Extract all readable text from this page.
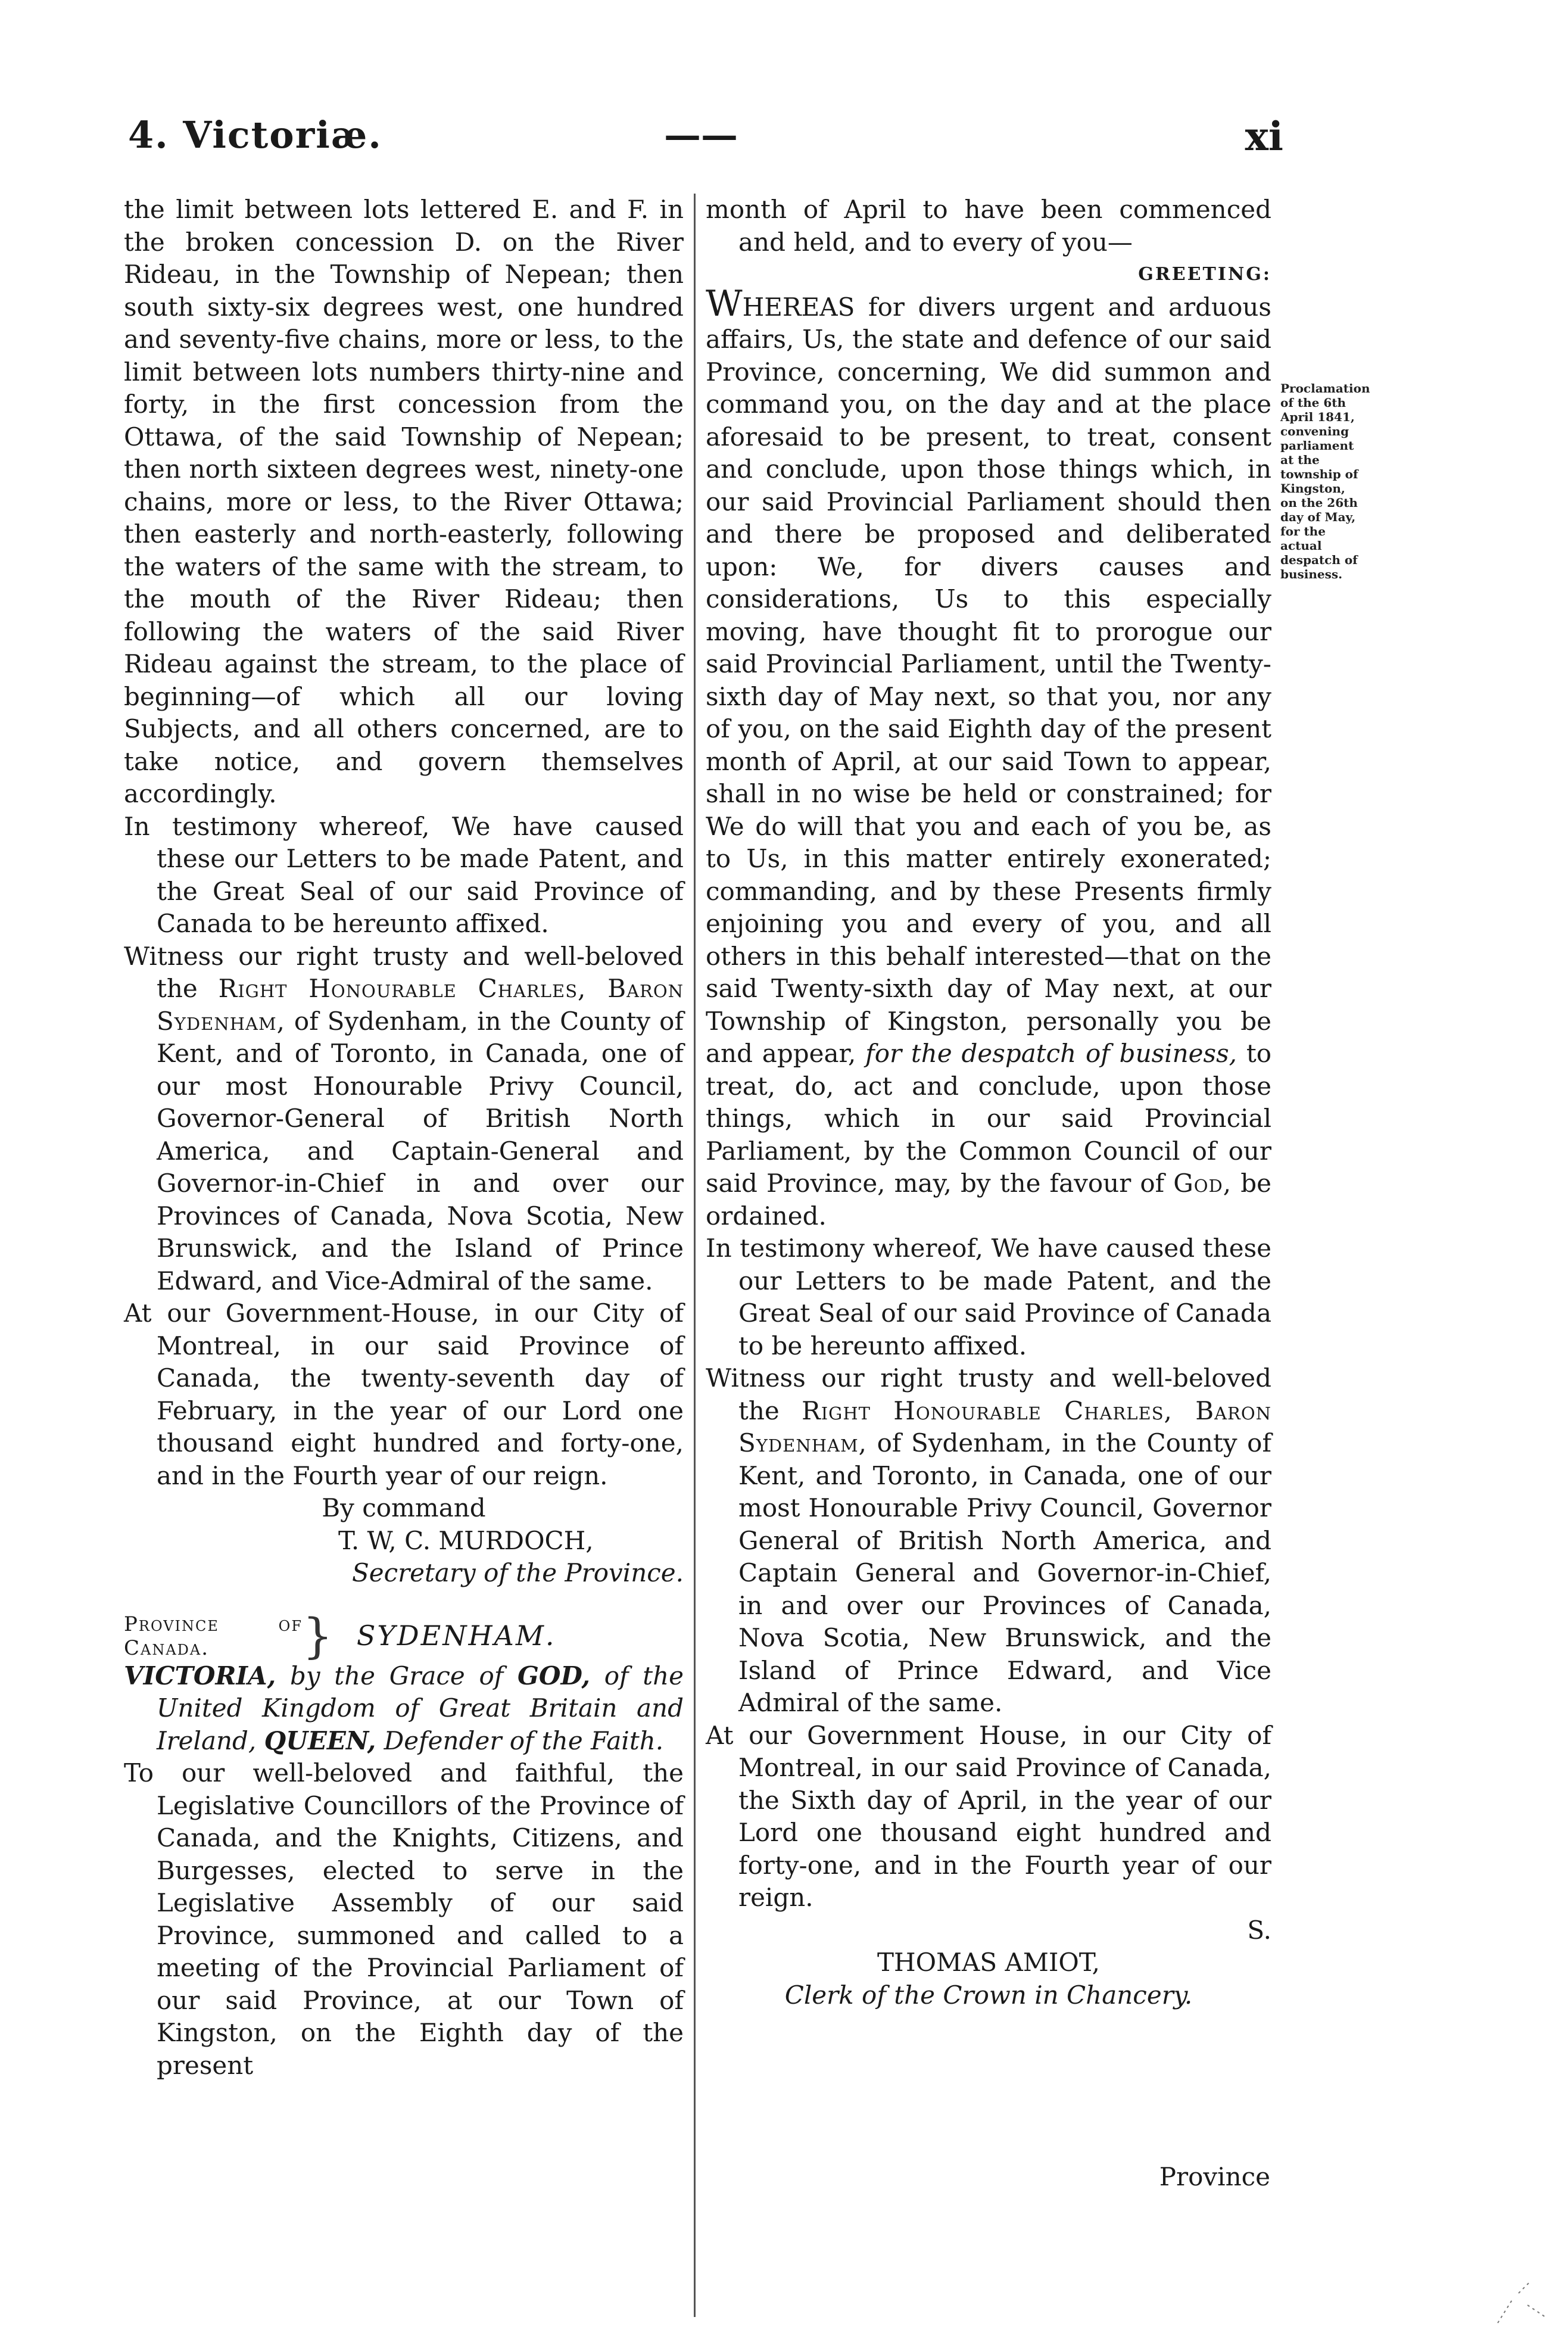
4. Victoriæ.	——	xi

the limit between lots lettered E. and F. in the broken concession D. on the River Rideau, in the Township of Nepean; then south sixty-six degrees west, one hundred and seventy-five chains, more or less, to the limit between lots numbers thirty-nine and forty, in the first concession from the Ottawa, of the said Township of Nepean; then north sixteen degrees west, ninety-one chains, more or less, to the River Ottawa; then easterly and north-easterly, following the waters of the same with the stream, to the mouth of the River Rideau; then following the waters of the said River Rideau against the stream, to the place of beginning—of which all our loving Subjects, and all others concerned, are to take notice, and govern themselves accordingly.

In testimony whereof, We have caused these our Letters to be made Patent, and the Great Seal of our said Province of Canada to be hereunto affixed.

Witness our right trusty and well-beloved the Right Honourable Charles, Baron Sydenham, of Sydenham, in the County of Kent, and of Toronto, in Canada, one of our most Honourable Privy Council, Governor-General of British North America, and Captain-General and Governor-in-Chief in and over our Provinces of Canada, Nova Scotia, New Brunswick, and the Island of Prince Edward, and Vice-Admiral of the same.

At our Government-House, in our City of Montreal, in our said Province of Canada, the twenty-seventh day of February, in the year of our Lord one thousand eight hundred and forty-one, and in the Fourth year of our reign.

By command

T. W, C. MURDOCH,

Secretary of the Province.

Province of Canada.	} SYDENHAM.

VICTORIA, by the Grace of GOD, of the United Kingdom of Great Britain and Ireland, QUEEN, Defender of the Faith.

To our well-beloved and faithful, the Legislative Councillors of the Province of Canada, and the Knights, Citizens, and Burgesses, elected to serve in the Legislative Assembly of our said Province, summoned and called to a meeting of the Provincial Parliament of our said Province, at our Town of Kingston, on the Eighth day of the present

month of April to have been commenced and held, and to every of you—

GREETING:

WHEREAS for divers urgent and arduous affairs, Us, the state and defence of our said Province, concerning, We did summon and command you, on the day and at the place aforesaid to be present, to treat, consent and conclude, upon those things which, in our said Provincial Parliament should then and there be proposed and deliberated upon: We, for divers causes and considerations, Us to this especially moving, have thought fit to prorogue our said Provincial Parliament, until the Twenty-sixth day of May next, so that you, nor any of you, on the said Eighth day of the present month of April, at our said Town to appear, shall in no wise be held or constrained; for We do will that you and each of you be, as to Us, in this matter entirely exonerated; commanding, and by these Presents firmly enjoining you and every of you, and all others in this behalf interested—that on the said Twenty-sixth day of May next, at our Township of Kingston, personally you be and appear, for the despatch of business, to treat, do, act and conclude, upon those things, which in our said Provincial Parliament, by the Common Council of our said Province, may, by the favour of God, be ordained.

In testimony whereof, We have caused these our Letters to be made Patent, and the Great Seal of our said Province of Canada to be hereunto affixed.

Witness our right trusty and well-beloved the Right Honourable Charles, Baron Sydenham, of Sydenham, in the County of Kent, and Toronto, in Canada, one of our most Honourable Privy Council, Governor General of British North America, and Captain General and Governor-in-Chief, in and over our Provinces of Canada, Nova Scotia, New Brunswick, and the Island of Prince Edward, and Vice Admiral of the same.

At our Government House, in our City of Montreal, in our said Province of Canada, the Sixth day of April, in the year of our Lord one thousand eight hundred and forty-one, and in the Fourth year of our reign.

S.

THOMAS AMIOT,

Clerk of the Crown in Chancery.

Proclamation of the 6th April 1841, convening parliament at the township of Kingston, on the 26th day of May, for the actual despatch of business.
Province
